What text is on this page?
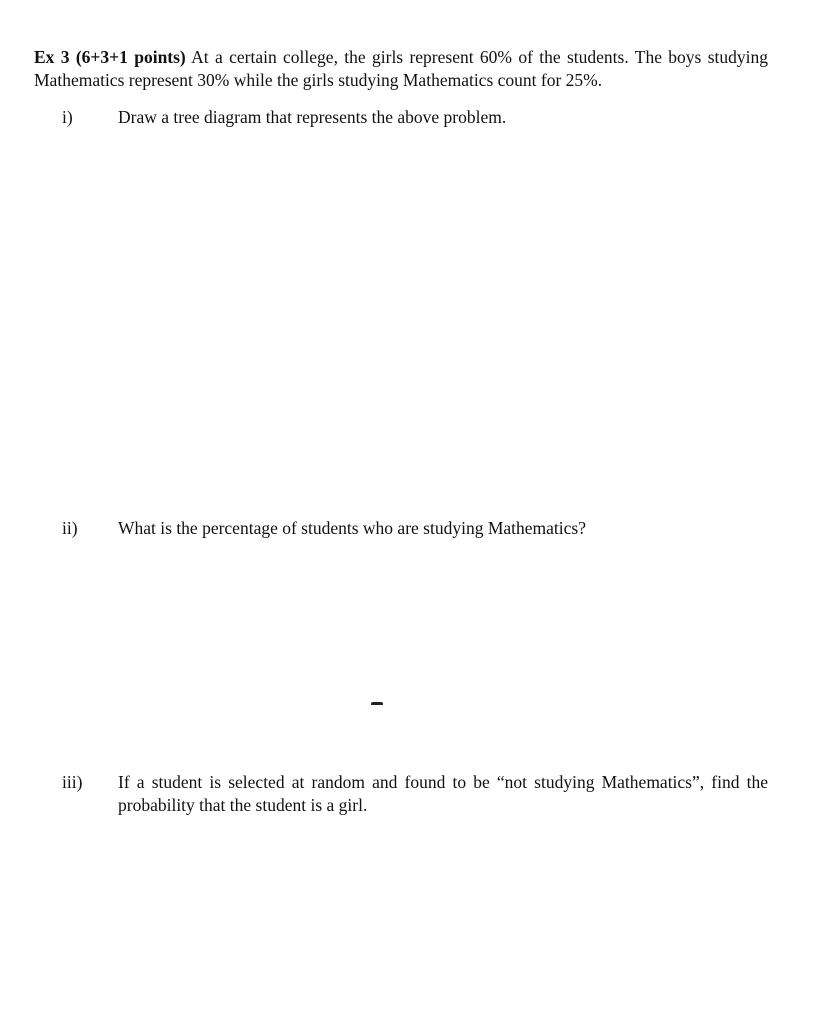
Ex 3 (6+3+1 points) At a certain college, the girls represent 60% of the students. The boys studying Mathematics represent 30% while the girls studying Mathematics count for 25%.

i)	Draw a tree diagram that represents the above problem.
ii) What is the percentage of students who are studying Mathematics?
iii) If a student is selected at random and found to be “not studying Mathematics”, find the probability that the student is a girl.
